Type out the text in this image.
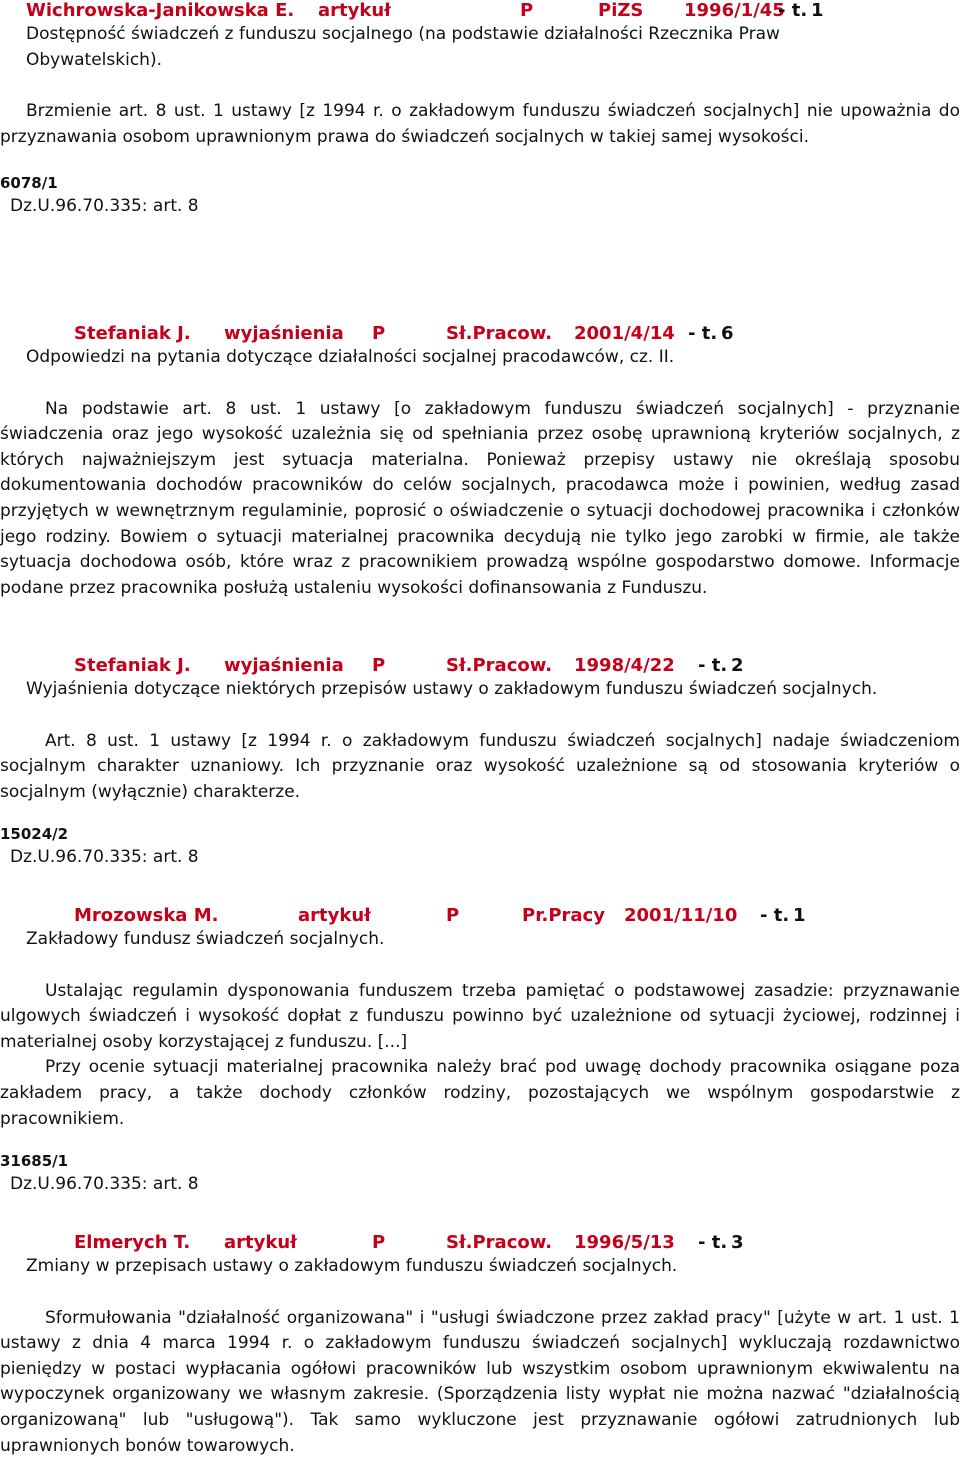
Wichrowska-Janikowska E. artykuł	P	PiZS 1996/1/45
- t. 1
Dostępność świadczeń z funduszu socjalnego (na podstawie działalności Rzecznika Praw
Obywatelskich).

Brzmienie art. 8 ust. 1 ustawy [z 1994 r. o zakładowym funduszu świadczeń socjalnych] nie upoważnia do przyznawania osobom uprawnionym prawa do świadczeń socjalnych w takiej samej wysokości.

6078/1
Dz.U.96.70.335: art. 8
Stefaniak J. wyjaśnienia P	Sł.Pracow. 2001/4/14 - t. 6
Odpowiedzi na pytania dotyczące działalności socjalnej pracodawców, cz. II.

Na podstawie art. 8 ust. 1 ustawy [o zakładowym funduszu świadczeń socjalnych] - przyznanie świadczenia oraz jego wysokość uzależnia się od spełniania przez osobę uprawnioną kryteriów socjalnych, z których najważniejszym jest sytuacja materialna. Ponieważ przepisy ustawy nie określają sposobu dokumentowania dochodów pracowników do celów socjalnych, pracodawca może i powinien, według zasad przyjętych w wewnętrznym regulaminie, poprosić o oświadczenie o sytuacji dochodowej pracownika i członków jego rodziny. Bowiem o sytuacji materialnej pracownika decydują nie tylko jego zarobki w firmie, ale także sytuacja dochodowa osób, które wraz z pracownikiem prowadzą wspólne gospodarstwo domowe. Informacje podane przez pracownika posłużą ustaleniu wysokości dofinansowania z Funduszu.

Stefaniak J. wyjaśnienia P	Sł.Pracow. 1998/4/22 - t. 2
Wyjaśnienia dotyczące niektórych przepisów ustawy o zakładowym funduszu świadczeń socjalnych.

Art. 8 ust. 1 ustawy [z 1994 r. o zakładowym funduszu świadczeń socjalnych] nadaje świadczeniom socjalnym charakter uznaniowy. Ich przyznanie oraz wysokość uzależnione są od stosowania kryteriów o socjalnym (wyłącznie) charakterze.

15024/2
Dz.U.96.70.335: art. 8
Mrozowska M.	artykuł	P	Pr.Pracy 2001/11/10 - t. 1
Zakładowy fundusz świadczeń socjalnych.

Ustalając regulamin dysponowania funduszem trzeba pamiętać o podstawowej zasadzie: przyznawanie ulgowych świadczeń i wysokość dopłat z funduszu powinno być uzależnione od sytuacji życiowej, rodzinnej i materialnej osoby korzystającej z funduszu. [...]

Przy ocenie sytuacji materialnej pracownika należy brać pod uwagę dochody pracownika osiągane poza zakładem pracy, a także dochody członków rodziny, pozostających we wspólnym gospodarstwie z pracownikiem.

31685/1
Dz.U.96.70.335: art. 8
Elmerych T. artykuł	P	Sł.Pracow. 1996/5/13 - t. 3
Zmiany w przepisach ustawy o zakładowym funduszu świadczeń socjalnych.

Sformułowania "działalność organizowana" i "usługi świadczone przez zakład pracy" [użyte w art. 1 ust. 1 ustawy z dnia 4 marca 1994 r. o zakładowym funduszu świadczeń socjalnych] wykluczają rozdawnictwo pieniędzy w postaci wypłacania ogółowi pracowników lub wszystkim osobom uprawnionym ekwiwalentu na wypoczynek organizowany we własnym zakresie. (Sporządzenia listy wypłat nie można nazwać "działalnością organizowaną" lub "usługową"). Tak samo wykluczone jest przyznawanie ogółowi zatrudnionych lub uprawnionych bonów towarowych.
